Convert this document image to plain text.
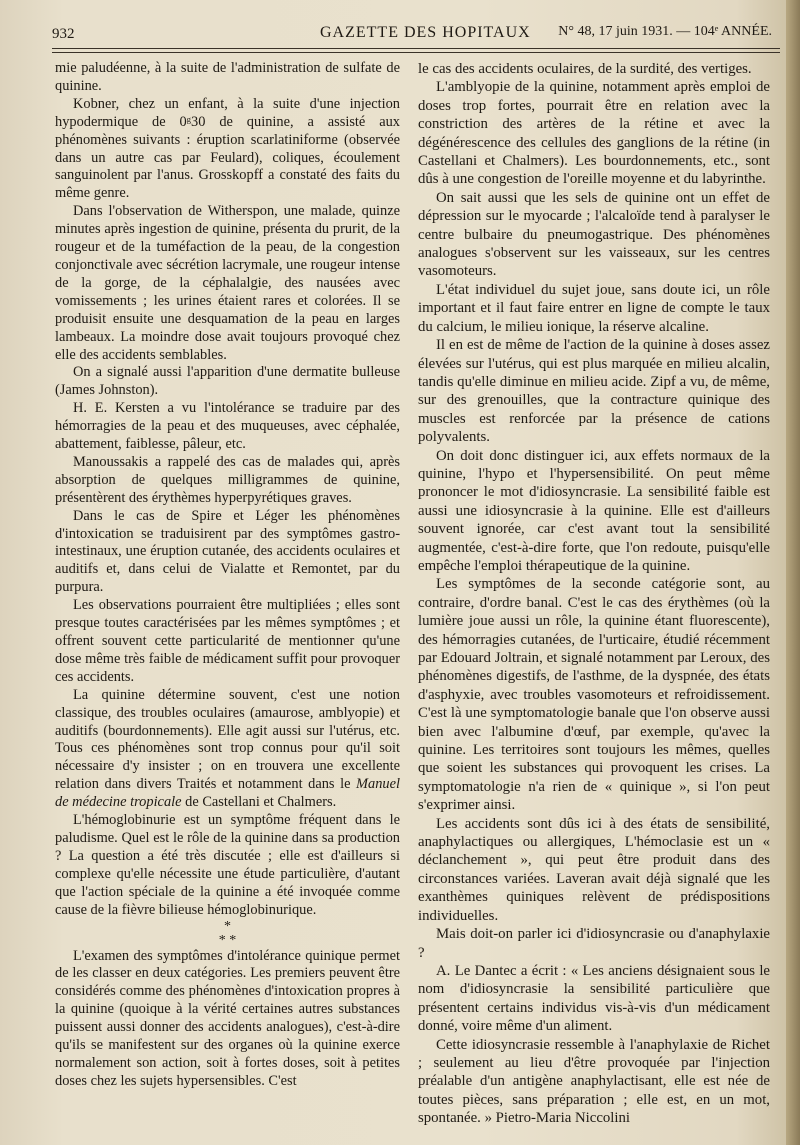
932	GAZETTE DES HOPITAUX N° 48, 17 juin 1931. — 104ᵉ ANNÉE.

mie paludéenne, à la suite de l'administration de sulfate de quinine.

Kobner, chez un enfant, à la suite d'une injection hypodermique de 0ᵍ30 de quinine, a assisté aux phénomènes suivants : éruption scarlatiniforme (observée dans un autre cas par Feulard), coliques, écoulement sanguinolent par l'anus. Grosskopff a constaté des faits du même genre.

Dans l'observation de Witherspon, une malade, quinze minutes après ingestion de quinine, présenta du prurit, de la rougeur et de la tuméfaction de la peau, de la congestion conjonctivale avec sécrétion lacrymale, une rougeur intense de la gorge, de la céphalalgie, des nausées avec vomissements ; les urines étaient rares et colorées. Il se produisit ensuite une desquamation de la peau en larges lambeaux. La moindre dose avait toujours provoqué chez elle des accidents semblables.

On a signalé aussi l'apparition d'une dermatite bulleuse (James Johnston).

H. E. Kersten a vu l'intolérance se traduire par des hémorragies de la peau et des muqueuses, avec céphalée, abattement, faiblesse, pâleur, etc.

Manoussakis a rappelé des cas de malades qui, après absorption de quelques milligrammes de quinine, présentèrent des érythèmes hyperpyrétiques graves.

Dans le cas de Spire et Léger les phénomènes d'intoxication se traduisirent par des symptômes gastro-intestinaux, une éruption cutanée, des accidents oculaires et auditifs et, dans celui de Vialatte et Remontet, par du purpura.

Les observations pourraient être multipliées ; elles sont presque toutes caractérisées par les mêmes symptômes ; et offrent souvent cette particularité de mentionner qu'une dose même très faible de médicament suffit pour provoquer ces accidents.

La quinine détermine souvent, c'est une notion classique, des troubles oculaires (amaurose, amblyopie) et auditifs (bourdonnements). Elle agit aussi sur l'utérus, etc. Tous ces phénomènes sont trop connus pour qu'il soit nécessaire d'y insister ; on en trouvera une excellente relation dans divers Traités et notamment dans le Manuel de médecine tropicale de Castellani et Chalmers.

L'hémoglobinurie est un symptôme fréquent dans le paludisme. Quel est le rôle de la quinine dans sa production ? La question a été très discutée ; elle est d'ailleurs si complexe qu'elle nécessite une étude particulière, d'autant que l'action spéciale de la quinine a été invoquée comme cause de la fièvre bilieuse hémoglobinurique.

*
* *

L'examen des symptômes d'intolérance quinique permet de les classer en deux catégories. Les premiers peuvent être considérés comme des phénomènes d'intoxication propres à la quinine (quoique à la vérité certaines autres substances puissent aussi donner des accidents analogues), c'est-à-dire qu'ils se manifestent sur des organes où la quinine exerce normalement son action, soit à fortes doses, soit à petites doses chez les sujets hypersensibles. C'est

le cas des accidents oculaires, de la surdité, des vertiges.

L'amblyopie de la quinine, notamment après emploi de doses trop fortes, pourrait être en relation avec la constriction des artères de la rétine et avec la dégénérescence des cellules des ganglions de la rétine (in Castellani et Chalmers). Les bourdonnements, etc., sont dûs à une congestion de l'oreille moyenne et du labyrinthe.

On sait aussi que les sels de quinine ont un effet de dépression sur le myocarde ; l'alcaloïde tend à paralyser le centre bulbaire du pneumogastrique. Des phénomènes analogues s'observent sur les vaisseaux, sur les centres vasomoteurs.

L'état individuel du sujet joue, sans doute ici, un rôle important et il faut faire entrer en ligne de compte le taux du calcium, le milieu ionique, la réserve alcaline.

Il en est de même de l'action de la quinine à doses assez élevées sur l'utérus, qui est plus marquée en milieu alcalin, tandis qu'elle diminue en milieu acide. Zipf a vu, de même, sur des grenouilles, que la contracture quinique des muscles est renforcée par la présence de cations polyvalents.

On doit donc distinguer ici, aux effets normaux de la quinine, l'hypo et l'hypersensibilité. On peut même prononcer le mot d'idiosyncrasie. La sensibilité faible est aussi une idiosyncrasie à la quinine. Elle est d'ailleurs souvent ignorée, car c'est avant tout la sensibilité augmentée, c'est-à-dire forte, que l'on redoute, puisqu'elle empêche l'emploi thérapeutique de la quinine.

Les symptômes de la seconde catégorie sont, au contraire, d'ordre banal. C'est le cas des érythèmes (où la lumière joue aussi un rôle, la quinine étant fluorescente), des hémorragies cutanées, de l'urticaire, étudié récemment par Edouard Joltrain, et signalé notamment par Leroux, des phénomènes digestifs, de l'asthme, de la dyspnée, des états d'asphyxie, avec troubles vasomoteurs et refroidissement. C'est là une symptomatologie banale que l'on observe aussi bien avec l'albumine d'œuf, par exemple, qu'avec la quinine. Les territoires sont toujours les mêmes, quelles que soient les substances qui provoquent les crises. La symptomatologie n'a rien de « quinique », si l'on peut s'exprimer ainsi.

Les accidents sont dûs ici à des états de sensibilité, anaphylactiques ou allergiques, L'hémoclasie est un « déclanchement », qui peut être produit dans des circonstances variées. Laveran avait déjà signalé que les exanthèmes quiniques relèvent de prédispositions individuelles.

Mais doit-on parler ici d'idiosyncrasie ou d'anaphylaxie ?

A. Le Dantec a écrit : « Les anciens désignaient sous le nom d'idiosyncrasie la sensibilité particulière que présentent certains individus vis-à-vis d'un médicament donné, voire même d'un aliment.

Cette idiosyncrasie ressemble à l'anaphylaxie de Richet ; seulement au lieu d'être provoquée par l'injection préalable d'un antigène anaphylactisant, elle est née de toutes pièces, sans préparation ; elle est, en un mot, spontanée. » Pietro-Maria Niccolini
